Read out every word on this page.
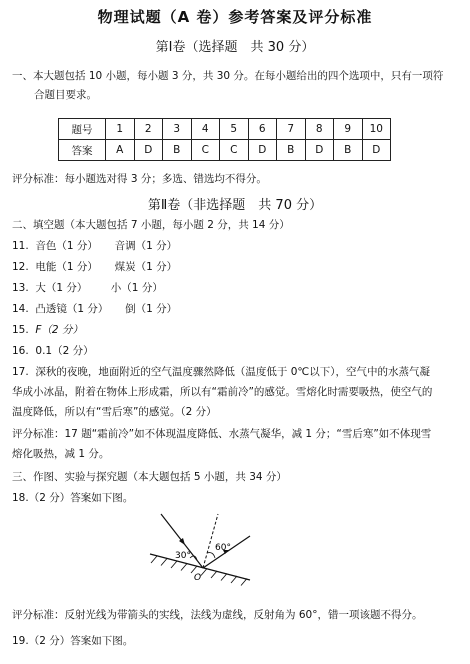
物理试题（A 卷）参考答案及评分标准
第Ⅰ卷（选择题　共 30 分）
一、本大题包括 10 小题，每小题 3 分，共 30 分。在每小题给出的四个选项中，只有一项符
合题目要求。
题号	1	2	3	4	5	6	7	8	9	10
答案	A	D	B	C	C	D	B	D	B	D
评分标准：每小题选对得 3 分；多选、错选均不得分。
第Ⅱ卷（非选择题　共 70 分）
二、填空题（本大题包括 7 小题，每小题 2 分，共 14 分）
11. 音色（1 分） 音调（1 分）
12. 电能（1 分） 煤炭（1 分）
13. 大（1 分） 小（1 分）
14. 凸透镜（1 分） 倒（1 分）
15. F（2 分）
16. 0.1（2 分）
17. 深秋的夜晚，地面附近的空气温度骤然降低（温度低于 0℃以下），空气中的水蒸气凝
华成小冰晶，附着在物体上形成霜，所以有“霜前冷”的感觉。雪熔化时需要吸热，使空气的
温度降低，所以有“雪后寒”的感觉。（2 分）
评分标准：17 题“霜前冷”如不体现温度降低、水蒸气凝华，减 1 分；“雪后寒”如不体现雪
熔化吸热，减 1 分。
三、作图、实验与探究题（本大题包括 5 小题，共 34 分）
18.（2 分）答案如下图。
30°
60°
O
评分标准：反射光线为带箭头的实线，法线为虚线，反射角为 60°，错一项该题不得分。
19.（2 分）答案如下图。
